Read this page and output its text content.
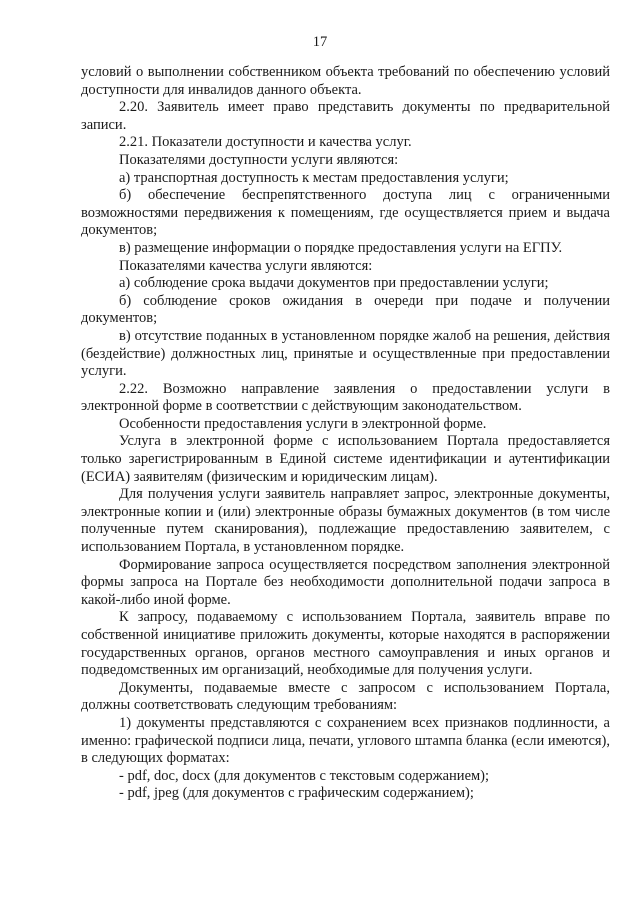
17

условий о выполнении собственником объекта требований по обеспечению условий доступности для инвалидов данного объекта.

2.20. Заявитель имеет право представить документы по предварительной записи.

2.21. Показатели доступности и качества услуг.

Показателями доступности услуги являются:

а) транспортная доступность к местам предоставления услуги;

б) обеспечение беспрепятственного доступа лиц с ограниченными возможностями передвижения к помещениям, где осуществляется прием и выдача документов;

в) размещение информации о порядке предоставления услуги на ЕГПУ.

Показателями качества услуги являются:

а) соблюдение срока выдачи документов при предоставлении услуги;

б) соблюдение сроков ожидания в очереди при подаче и получении документов;

в) отсутствие поданных в установленном порядке жалоб на решения, действия (бездействие) должностных лиц, принятые и осуществленные при предоставлении услуги.

2.22. Возможно направление заявления о предоставлении услуги в электронной форме в соответствии с действующим законодательством.

Особенности предоставления услуги в электронной форме.

Услуга в электронной форме с использованием Портала предоставляется только зарегистрированным в Единой системе идентификации и аутентификации (ЕСИА) заявителям (физическим и юридическим лицам).

Для получения услуги заявитель направляет запрос, электронные документы, электронные копии и (или) электронные образы бумажных документов (в том числе полученные путем сканирования), подлежащие предоставлению заявителем, с использованием Портала, в установленном порядке.

Формирование запроса осуществляется посредством заполнения электронной формы запроса на Портале без необходимости дополнительной подачи запроса в какой-либо иной форме.

К запросу, подаваемому с использованием Портала, заявитель вправе по собственной инициативе приложить документы, которые находятся в распоряжении государственных органов, органов местного самоуправления и иных органов и подведомственных им организаций, необходимые для получения услуги.

Документы, подаваемые вместе с запросом с использованием Портала, должны соответствовать следующим требованиям:

1) документы представляются с сохранением всех признаков подлинности, а именно: графической подписи лица, печати, углового штампа бланка (если имеются), в следующих форматах:

- pdf, doc, docx (для документов с текстовым содержанием);

- pdf, jpeg (для документов с графическим содержанием);
